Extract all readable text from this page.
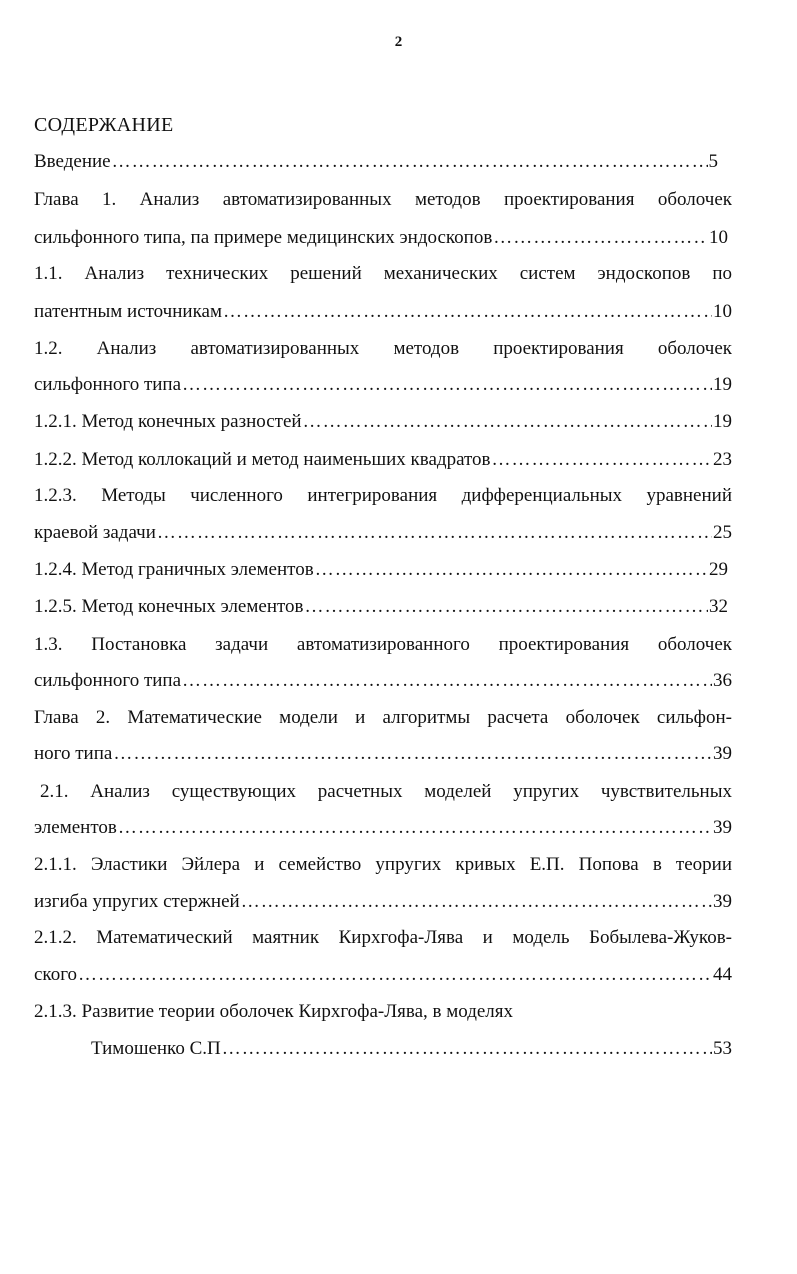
2
СОДЕРЖАНИЕ
Введение ………………………………………………………………………………………………………………………………………………………………………………	5
Глава 1. Анализ автоматизированных методов проектирования оболочек
сильфонного типа, па примере медицинских эндоскопов ………………………………………………………………………………………………………………………………………………………………………………	10
1.1. Анализ технических решений механических систем эндоскопов по
патентным источникам ………………………………………………………………………………………………………………………………………………………………………………	10
1.2. Анализ автоматизированных методов проектирования оболочек
сильфонного типа ………………………………………………………………………………………………………………………………………………………………………………	19
1.2.1. Метод конечных разностей ………………………………………………………………………………………………………………………………………………………………………………	19
1.2.2. Метод коллокаций и метод наименьших квадратов ………………………………………………………………………………………………………………………………………………………………………………	23
1.2.3. Методы численного интегрирования дифференциальных уравнений
краевой задачи ………………………………………………………………………………………………………………………………………………………………………………	25
1.2.4. Метод граничных элементов ………………………………………………………………………………………………………………………………………………………………………………	29
1.2.5. Метод конечных элементов ………………………………………………………………………………………………………………………………………………………………………………	32
1.3. Постановка задачи автоматизированного проектирования оболочек
сильфонного типа ………………………………………………………………………………………………………………………………………………………………………………	36
Глава 2. Математические модели и алгоритмы расчета оболочек сильфон-
ного типа ………………………………………………………………………………………………………………………………………………………………………………	39
2.1. Анализ существующих расчетных моделей упругих чувствительных
элементов ………………………………………………………………………………………………………………………………………………………………………………	39
2.1.1. Эластики Эйлера и семейство упругих кривых Е.П. Попова в теории
изгиба упругих стержней ………………………………………………………………………………………………………………………………………………………………………………	39
2.1.2. Математический маятник Кирхгофа-Лява и модель Бобылева-Жуков-
ского ………………………………………………………………………………………………………………………………………………………………………………	44
2.1.3. Развитие теории оболочек Кирхгофа-Лява, в моделях
Тимошенко С.П ………………………………………………………………………………………………………………………………………………………………………………	53
